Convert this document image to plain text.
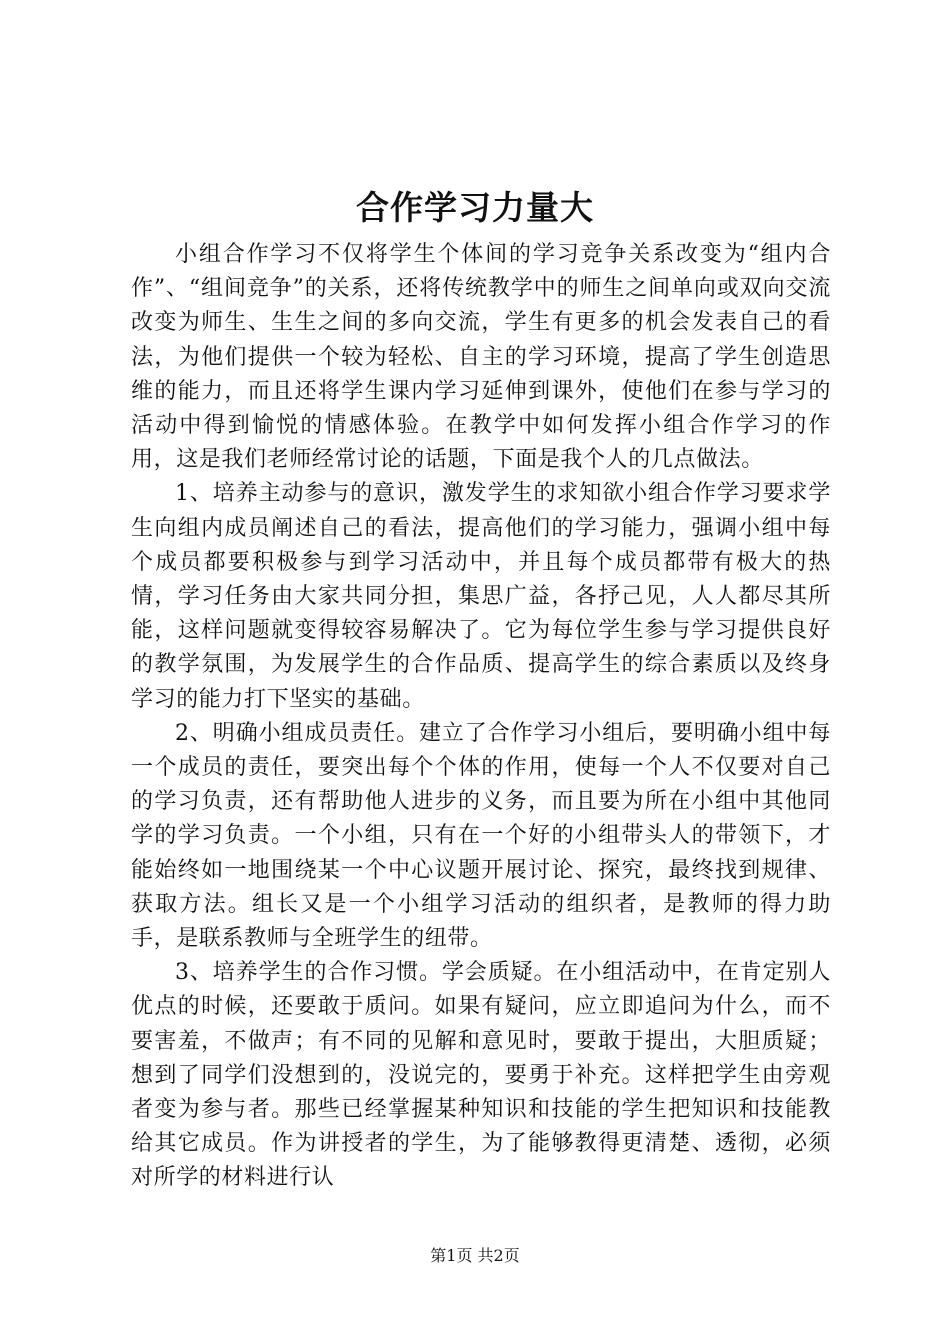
合作学习力量大

小组合作学习不仅将学生个体间的学习竞争关系改变为“组内合作”、“组间竞争”的关系，还将传统教学中的师生之间单向或双向交流改变为师生、生生之间的多向交流，学生有更多的机会发表自己的看法，为他们提供一个较为轻松、自主的学习环境，提高了学生创造思维的能力，而且还将学生课内学习延伸到课外，使他们在参与学习的活动中得到愉悦的情感体验。在教学中如何发挥小组合作学习的作用，这是我们老师经常讨论的话题，下面是我个人的几点做法。

1、培养主动参与的意识，激发学生的求知欲小组合作学习要求学生向组内成员阐述自己的看法，提高他们的学习能力，强调小组中每个成员都要积极参与到学习活动中，并且每个成员都带有极大的热情，学习任务由大家共同分担，集思广益，各抒己见，人人都尽其所能，这样问题就变得较容易解决了。它为每位学生参与学习提供良好的教学氛围，为发展学生的合作品质、提高学生的综合素质以及终身学习的能力打下坚实的基础。

2、明确小组成员责任。建立了合作学习小组后，要明确小组中每一个成员的责任，要突出每个个体的作用，使每一个人不仅要对自己的学习负责，还有帮助他人进步的义务，而且要为所在小组中其他同学的学习负责。一个小组，只有在一个好的小组带头人的带领下，才能始终如一地围绕某一个中心议题开展讨论、探究，最终找到规律、获取方法。组长又是一个小组学习活动的组织者，是教师的得力助手，是联系教师与全班学生的纽带。

3、培养学生的合作习惯。学会质疑。在小组活动中，在肯定别人优点的时候，还要敢于质问。如果有疑问，应立即追问为什么，而不要害羞，不做声；有不同的见解和意见时，要敢于提出，大胆质疑；想到了同学们没想到的，没说完的，要勇于补充。这样把学生由旁观者变为参与者。那些已经掌握某种知识和技能的学生把知识和技能教给其它成员。作为讲授者的学生，为了能够教得更清楚、透彻，必须对所学的材料进行认

第1页 共2页
